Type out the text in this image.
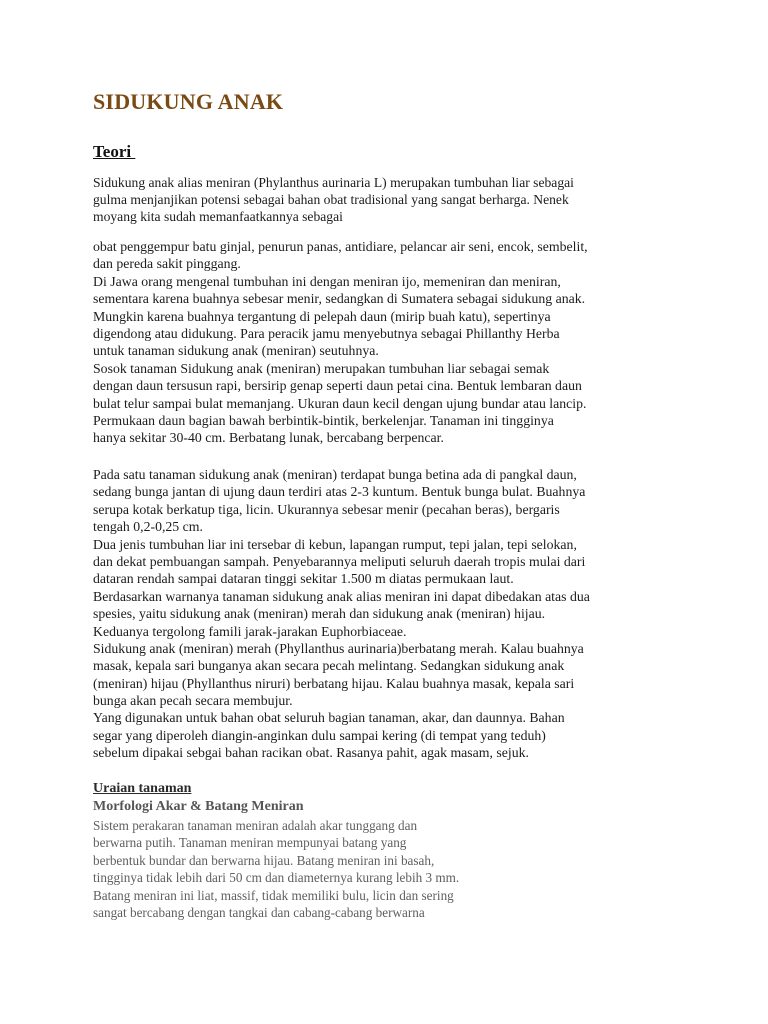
SIDUKUNG ANAK
Teori
Sidukung anak alias meniran (Phylanthus aurinaria L) merupakan tumbuhan liar sebagai
gulma menjanjikan potensi sebagai bahan obat tradisional yang sangat berharga. Nenek
moyang kita sudah memanfaatkannya sebagai
obat penggempur batu ginjal, penurun panas, antidiare, pelancar air seni, encok, sembelit,
dan pereda sakit pinggang.
Di Jawa orang mengenal tumbuhan ini dengan meniran ijo, memeniran dan meniran,
sementara karena buahnya sebesar menir, sedangkan di Sumatera sebagai sidukung anak.
Mungkin karena buahnya tergantung di pelepah daun (mirip buah katu), sepertinya
digendong atau didukung. Para peracik jamu menyebutnya sebagai Phillanthy Herba
untuk tanaman sidukung anak (meniran) seutuhnya.
Sosok tanaman Sidukung anak (meniran) merupakan tumbuhan liar sebagai semak
dengan daun tersusun rapi, bersirip genap seperti daun petai cina. Bentuk lembaran daun
bulat telur sampai bulat memanjang. Ukuran daun kecil dengan ujung bundar atau lancip.
Permukaan daun bagian bawah berbintik-bintik, berkelenjar. Tanaman ini tingginya
hanya sekitar 30-40 cm. Berbatang lunak, bercabang berpencar.
Pada satu tanaman sidukung anak (meniran) terdapat bunga betina ada di pangkal daun,
sedang bunga jantan di ujung daun terdiri atas 2-3 kuntum. Bentuk bunga bulat. Buahnya
serupa kotak berkatup tiga, licin. Ukurannya sebesar menir (pecahan beras), bergaris
tengah 0,2-0,25 cm.
Dua jenis tumbuhan liar ini tersebar di kebun, lapangan rumput, tepi jalan, tepi selokan,
dan dekat pembuangan sampah. Penyebarannya meliputi seluruh daerah tropis mulai dari
dataran rendah sampai dataran tinggi sekitar 1.500 m diatas permukaan laut.
Berdasarkan warnanya tanaman sidukung anak alias meniran ini dapat dibedakan atas dua
spesies, yaitu sidukung anak (meniran) merah dan sidukung anak (meniran) hijau.
Keduanya tergolong famili jarak-jarakan Euphorbiaceae.
Sidukung anak (meniran) merah (Phyllanthus aurinaria)berbatang merah. Kalau buahnya
masak, kepala sari bunganya akan secara pecah melintang. Sedangkan sidukung anak
(meniran) hijau (Phyllanthus niruri) berbatang hijau. Kalau buahnya masak, kepala sari
bunga akan pecah secara membujur.
Yang digunakan untuk bahan obat seluruh bagian tanaman, akar, dan daunnya. Bahan
segar yang diperoleh diangin-anginkan dulu sampai kering (di tempat yang teduh)
sebelum dipakai sebgai bahan racikan obat. Rasanya pahit, agak masam, sejuk.
Uraian tanaman
Morfologi Akar & Batang Meniran
Sistem perakaran tanaman meniran adalah akar tunggang dan
berwarna putih. Tanaman meniran mempunyai batang yang
berbentuk bundar dan berwarna hijau. Batang meniran ini basah,
tingginya tidak lebih dari 50 cm dan diameternya kurang lebih 3 mm.
Batang meniran ini liat, massif, tidak memiliki bulu, licin dan sering
sangat bercabang dengan tangkai dan cabang-cabang berwarna
